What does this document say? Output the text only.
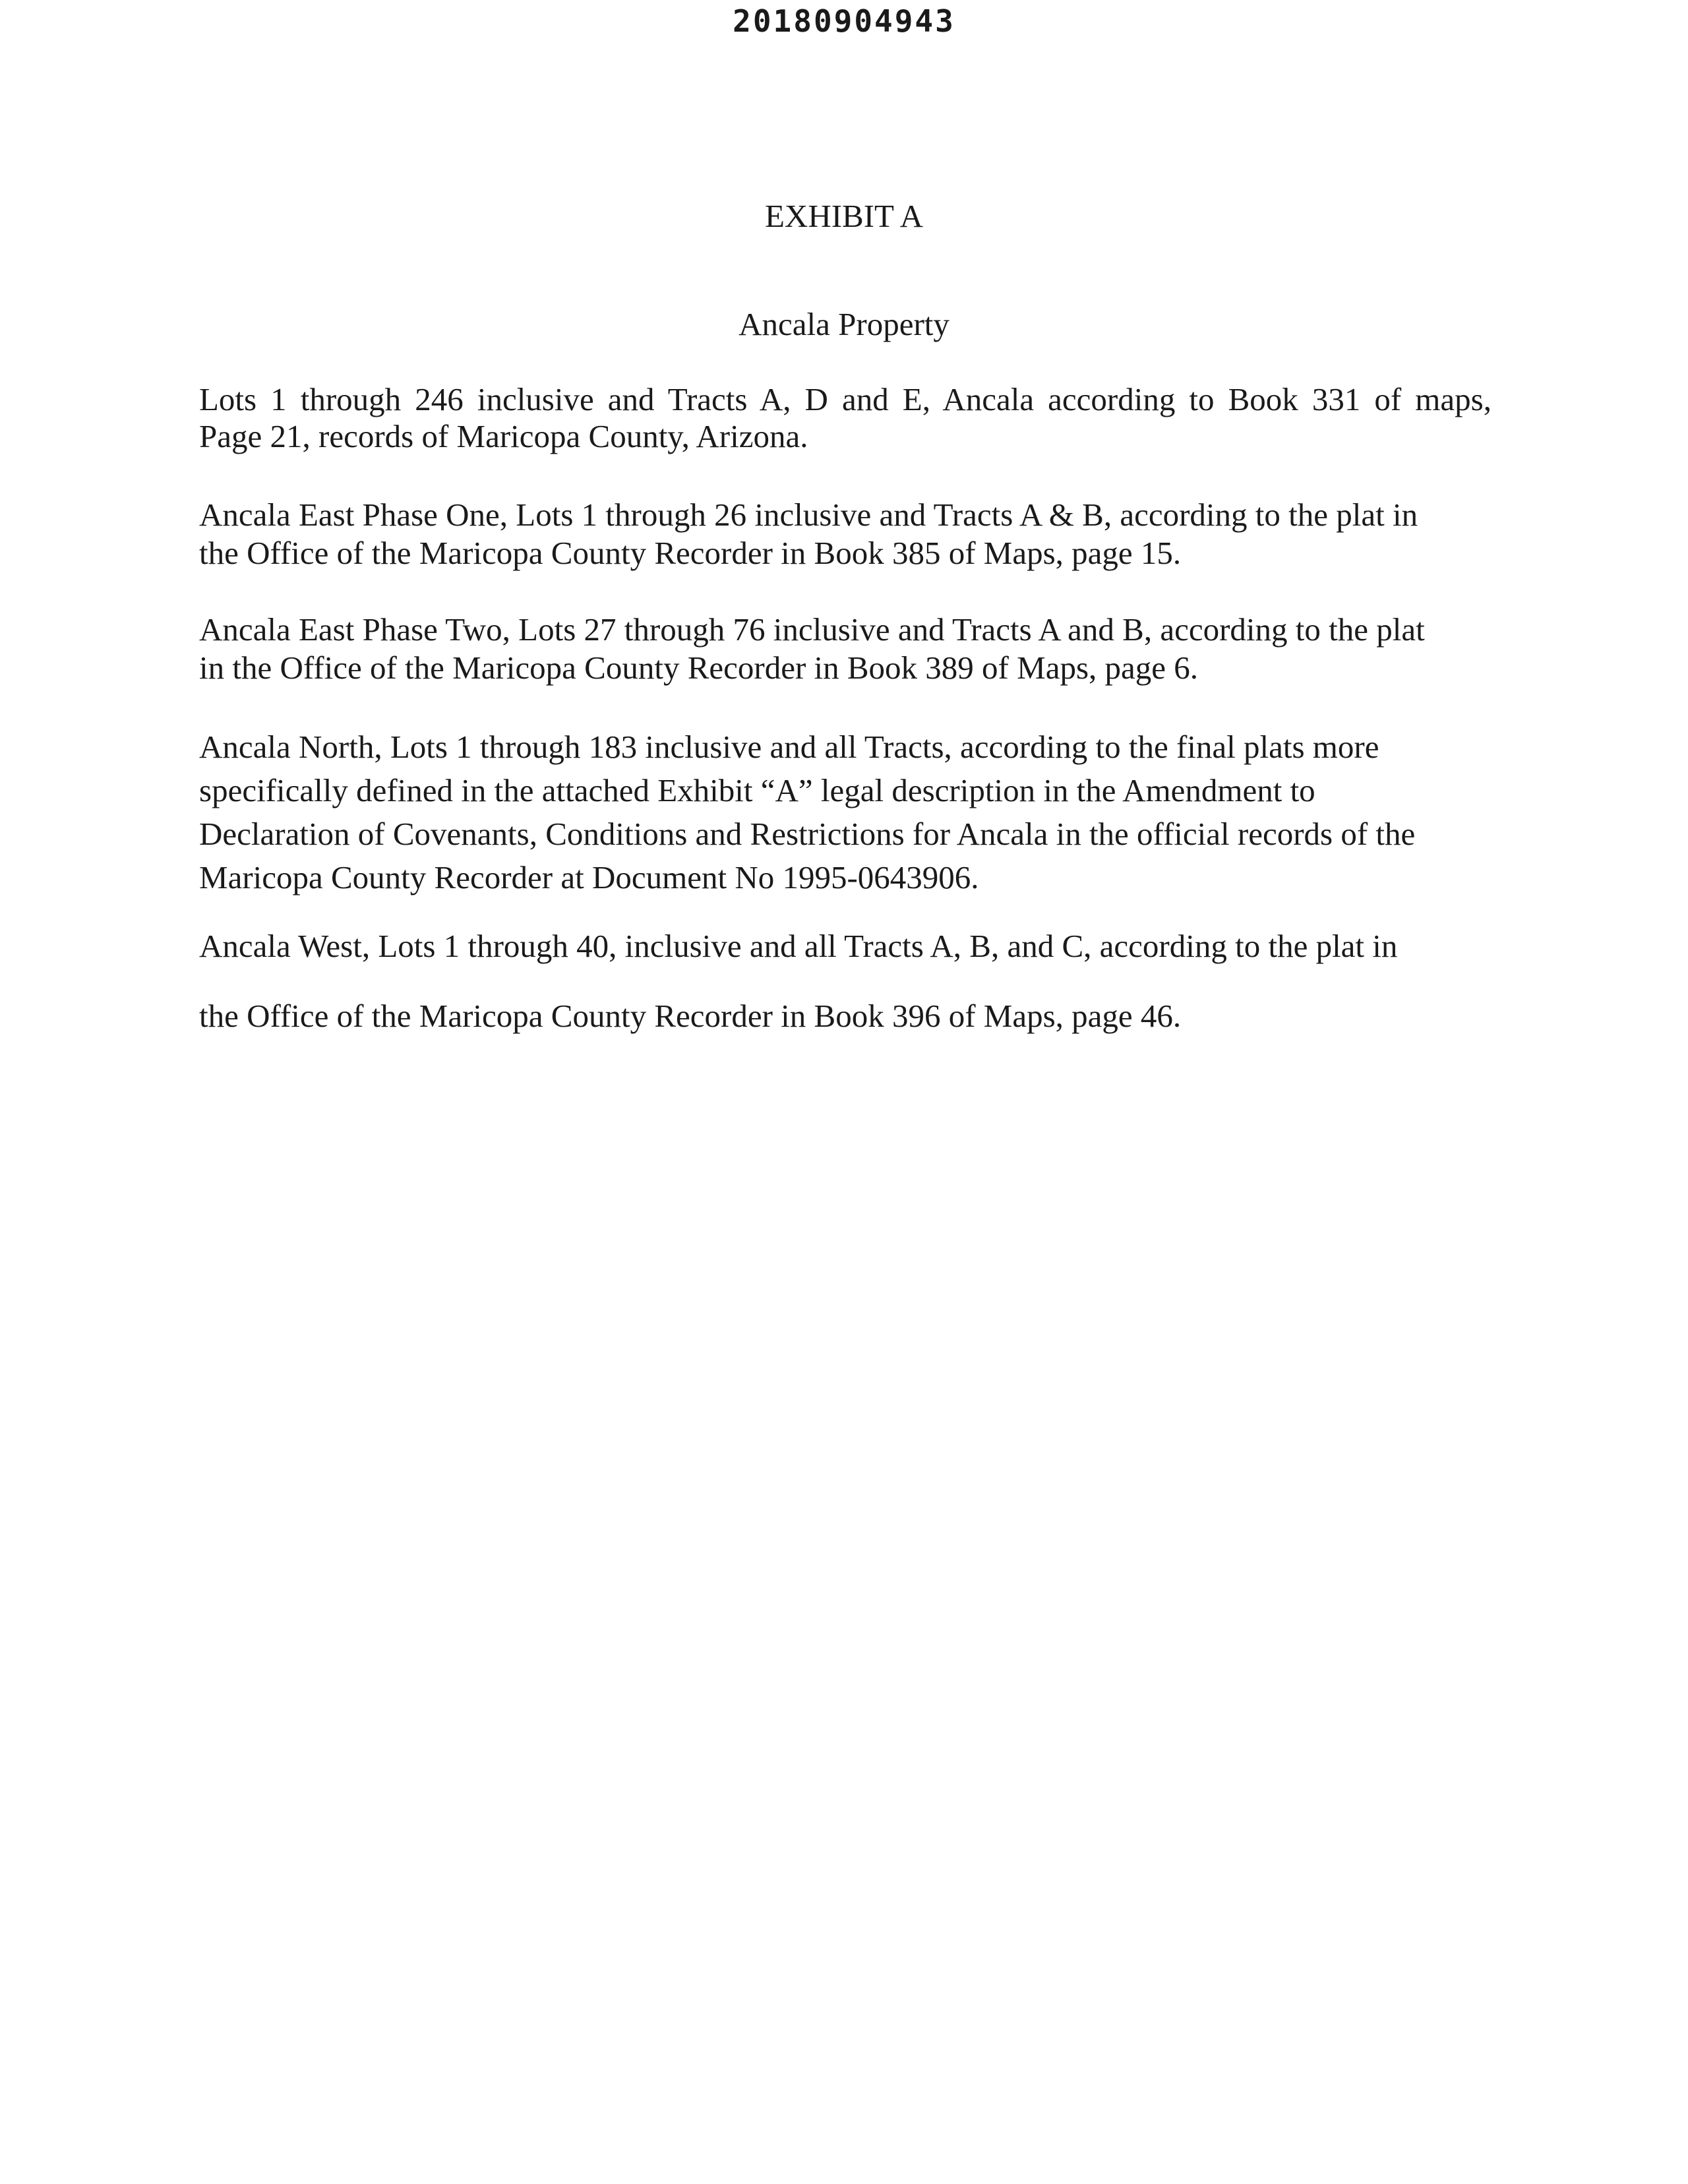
20180904943
EXHIBIT A
Ancala Property

Lots 1 through 246 inclusive and Tracts A, D and E, Ancala according to Book 331 of maps,
Page 21, records of Maricopa County, Arizona.

Ancala East Phase One, Lots 1 through 26 inclusive and Tracts A & B, according to the plat in
the Office of the Maricopa County Recorder in Book 385 of Maps, page 15.

Ancala East Phase Two, Lots 27 through 76 inclusive and Tracts A and B, according to the plat
in the Office of the Maricopa County Recorder in Book 389 of Maps, page 6.

Ancala North, Lots 1 through 183 inclusive and all Tracts, according to the final plats more
specifically defined in the attached Exhibit “A” legal description in the Amendment to
Declaration of Covenants, Conditions and Restrictions for Ancala in the official records of the
Maricopa County Recorder at Document No 1995-0643906.

Ancala West, Lots 1 through 40, inclusive and all Tracts A, B, and C, according to the plat in
the Office of the Maricopa County Recorder in Book 396 of Maps, page 46.
